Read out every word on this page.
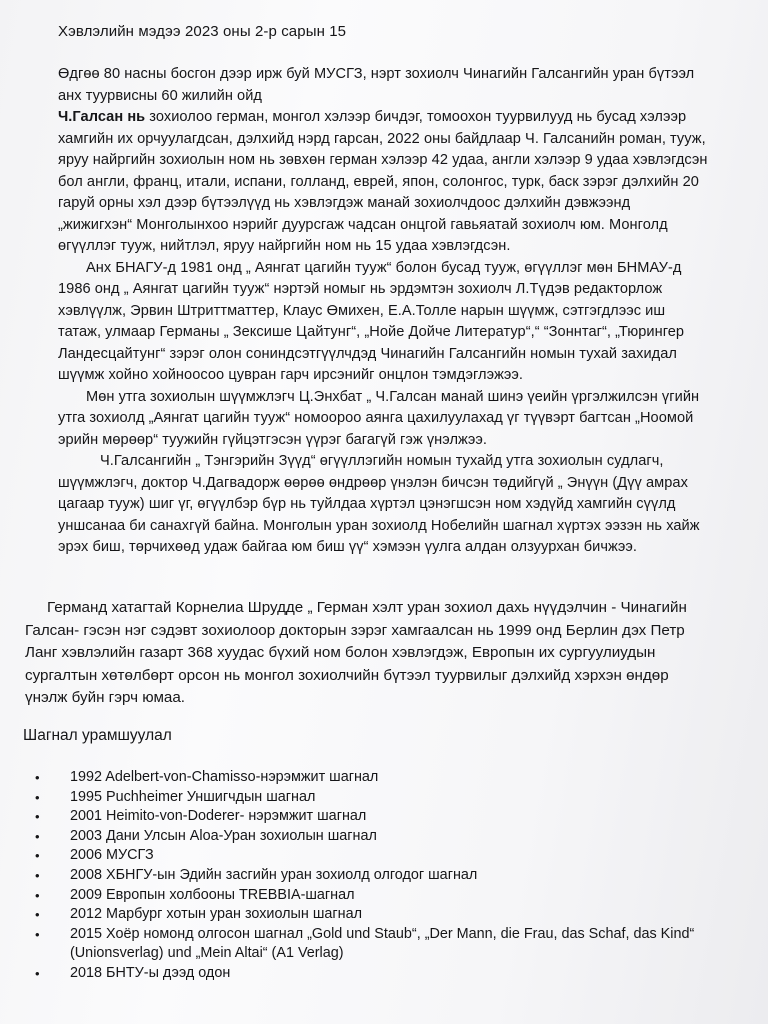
Хэвлэлийн мэдээ 2023 оны 2-р сарын 15

Өдгөө 80 насны босгон дээр ирж буй МУСГЗ, нэрт зохиолч Чинагийн Галсангийн уран бүтээл анх туурвисны 60 жилийн ойд

Ч.Галсан нь зохиолоо герман, монгол хэлээр бичдэг, томоохон туурвилууд нь бусад хэлээр хамгийн их орчуулагдсан, дэлхийд нэрд гарсан, 2022 оны байдлаар Ч. Галсанийн роман, тууж, яруу найргийн зохиолын ном нь зөвхөн герман хэлээр 42 удаа, англи хэлээр 9 удаа хэвлэгдсэн бол англи, франц, итали, испани, голланд, еврей, япон, солонгос, турк, баск зэрэг дэлхийн 20 гаруй орны хэл дээр бүтээлүүд нь хэвлэгдэж манай зохиолчдоос дэлхийн дэвжээнд „жижигхэн“ Монголынхоо нэрийг дуурсгаж чадсан онцгой гавьяатай зохиолч юм. Монголд өгүүллэг тууж, нийтлэл, яруу найргийн ном нь 15 удаа хэвлэгдсэн.

Анх БНАГУ-д 1981 онд „ Аянгат цагийн тууж“ болон бусад тууж, өгүүллэг мөн БНМАУ-д 1986 онд „ Аянгат цагийн тууж“ нэртэй номыг нь эрдэмтэн зохиолч Л.Түдэв редакторлож хэвлүүлж, Эрвин Штриттматтер, Клаус Өмихен, Е.А.Толле нарын шүүмж, сэтгэгдлээс иш татаж, улмаар Германы „ Зексише Цайтунг“, „Нойе Дойче Литератур“,“ “Зоннтаг“, „Тюрингер Ландесцайтунг“ зэрэг олон сониндсэтгүүлчдэд Чинагийн Галсангийн номын тухай захидал шүүмж хойно хойноосоо цувран гарч ирсэнийг онцлон тэмдэглэжээ.

Мөн утга зохиолын шүүмжлэгч Ц.Энхбат „ Ч.Галсан манай шинэ үеийн үргэлжилсэн үгийн утга зохиолд „Аянгат цагийн тууж“ номоороо аянга цахилуулахад үг түүвэрт багтсан „Ноомой эрийн мөрөөр“ туужийн гүйцэтгэсэн үүрэг багагүй гэж үнэлжээ.

Ч.Галсангийн „ Тэнгэрийн Зүүд“ өгүүллэгийн номын тухайд утга зохиолын судлагч, шүүмжлэгч, доктор Ч.Дагвадорж өөрөө өндрөөр үнэлэн бичсэн төдийгүй „ Энүүн (Дүү амрах цагаар тууж) шиг үг, өгүүлбэр бүр нь туйлдаа хүртэл цэнэгшсэн ном хэдүйд хамгийн сүүлд уншсанаа би санахгүй байна. Монголын уран зохиолд Нобелийн шагнал хүртэх ээзэн нь хайж эрэх биш, төрчихөөд удаж байгаа юм биш үү“ хэмээн үулга алдан олзуурхан бичжээ.

Германд хатагтай Корнелиа Шрудде „ Герман хэлт уран зохиол дахь нүүдэлчин - Чинагийн Галсан- гэсэн нэг сэдэвт зохиолоор докторын зэрэг хамгаалсан нь 1999 онд Берлин дэх Петр Ланг хэвлэлийн газарт 368 хуудас бүхий ном болон хэвлэгдэж, Европын их сургуулиудын сургалтын хөтөлбөрт орсон нь монгол зохиолчийн бүтээл туурвилыг дэлхийд хэрхэн өндөр үнэлж буйн гэрч юмаа.

Шагнал урамшуулал
• 1992 Adelbert-von-Chamisso-нэрэмжит шагнал
• 1995 Puchheimer Уншигчдын шагнал
• 2001 Heimito-von-Doderer- нэрэмжит шагнал
• 2003 Дани Улсын Aloa-Уран зохиолын шагнал
• 2006 МУСГЗ
• 2008 ХБНГУ-ын Эдийн засгийн уран зохиолд олгодог шагнал
• 2009 Европын холбооны TREBBIA-шагнал
• 2012 Марбург хотын уран зохиолын шагнал
• 2015 Хоёр номонд олгосон шагнал „Gold und Staub“, „Der Mann, die Frau, das Schaf, das Kind“ (Unionsverlag) und „Mein Altai“ (A1 Verlag)
• 2018 БНТУ-ы дээд одон
